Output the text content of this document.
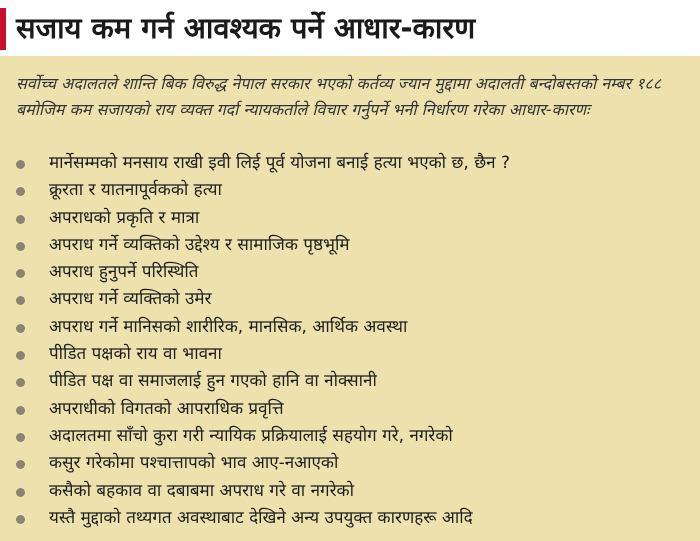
सजाय कम गर्न आवश्यक पर्ने आधार-कारण

सर्वोच्च अदालतले शान्ति बिक विरुद्ध नेपाल सरकार भएको कर्तव्य ज्यान मुद्दामा अदालती बन्दोबस्तको नम्बर १८८ बमोजिम कम सजायको राय व्यक्त गर्दा न्यायकर्ताले विचार गर्नुपर्ने भनी निर्धारण गरेका आधार-कारणः

मार्नेसम्मको मनसाय राखी इवी लिई पूर्व योजना बनाई हत्या भएको छ, छैन ?
क्रूरता र यातनापूर्वकको हत्या
अपराधको प्रकृति र मात्रा
अपराध गर्ने व्यक्तिको उद्देश्य र सामाजिक पृष्ठभूमि
अपराध हुनुपर्ने परिस्थिति
अपराध गर्ने व्यक्तिको उमेर
अपराध गर्ने मानिसको शारीरिक, मानसिक, आर्थिक अवस्था
पीडित पक्षको राय वा भावना
पीडित पक्ष वा समाजलाई हुन गएको हानि वा नोक्सानी
अपराधीको विगतको आपराधिक प्रवृत्ति
अदालतमा साँचो कुरा गरी न्यायिक प्रक्रियालाई सहयोग गरे, नगरेको
कसुर गरेकोमा पश्चात्तापको भाव आए-नआएको
कसैको बहकाव वा दबाबमा अपराध गरे वा नगरेको
यस्तै मुद्दाको तथ्यगत अवस्थाबाट देखिने अन्य उपयुक्त कारणहरू आदि
